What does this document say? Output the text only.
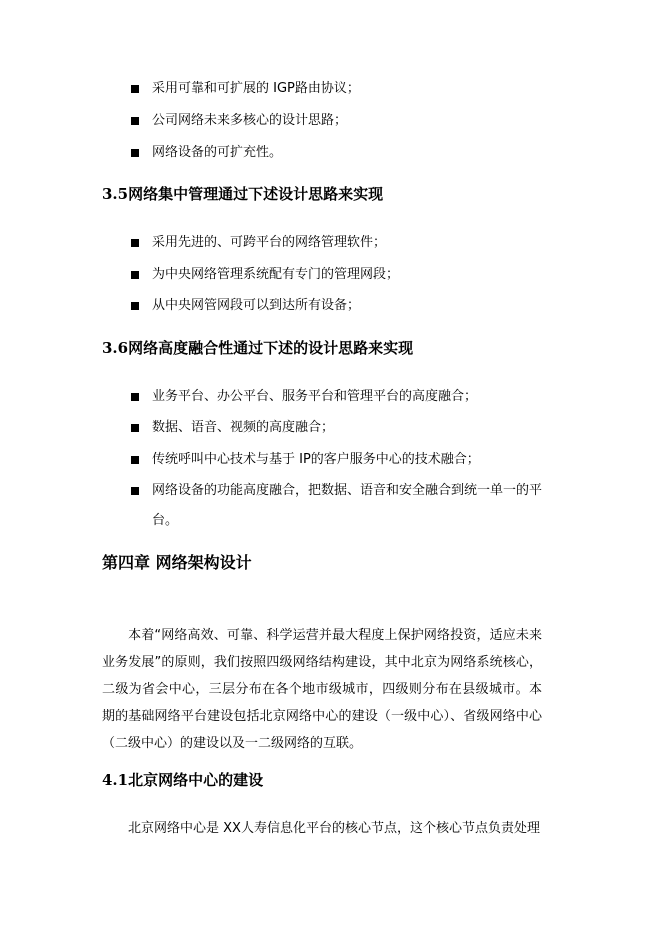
采用可靠和可扩展的 IGP路由协议；
公司网络未来多核心的设计思路；
网络设备的可扩充性。
3.5网络集中管理通过下述设计思路来实现
采用先进的、可跨平台的网络管理软件；
为中央网络管理系统配有专门的管理网段；
从中央网管网段可以到达所有设备；
3.6网络高度融合性通过下述的设计思路来实现
业务平台、办公平台、服务平台和管理平台的高度融合；
数据、语音、视频的高度融合；
传统呼叫中心技术与基于 IP的客户服务中心的技术融合；
网络设备的功能高度融合，把数据、语音和安全融合到统一单一的平
台。
第四章 网络架构设计
本着“网络高效、可靠、科学运营并最大程度上保护网络投资，适应未来业务发展”的原则，我们按照四级网络结构建设，其中北京为网络系统核心，二级为省会中心，三层分布在各个地市级城市，四级则分布在县级城市。本期的基础网络平台建设包括北京网络中心的建设（一级中心）、省级网络中心（二级中心）的建设以及一二级网络的互联。
4.1北京网络中心的建设
北京网络中心是 XX人寿信息化平台的核心节点，这个核心节点负责处理
